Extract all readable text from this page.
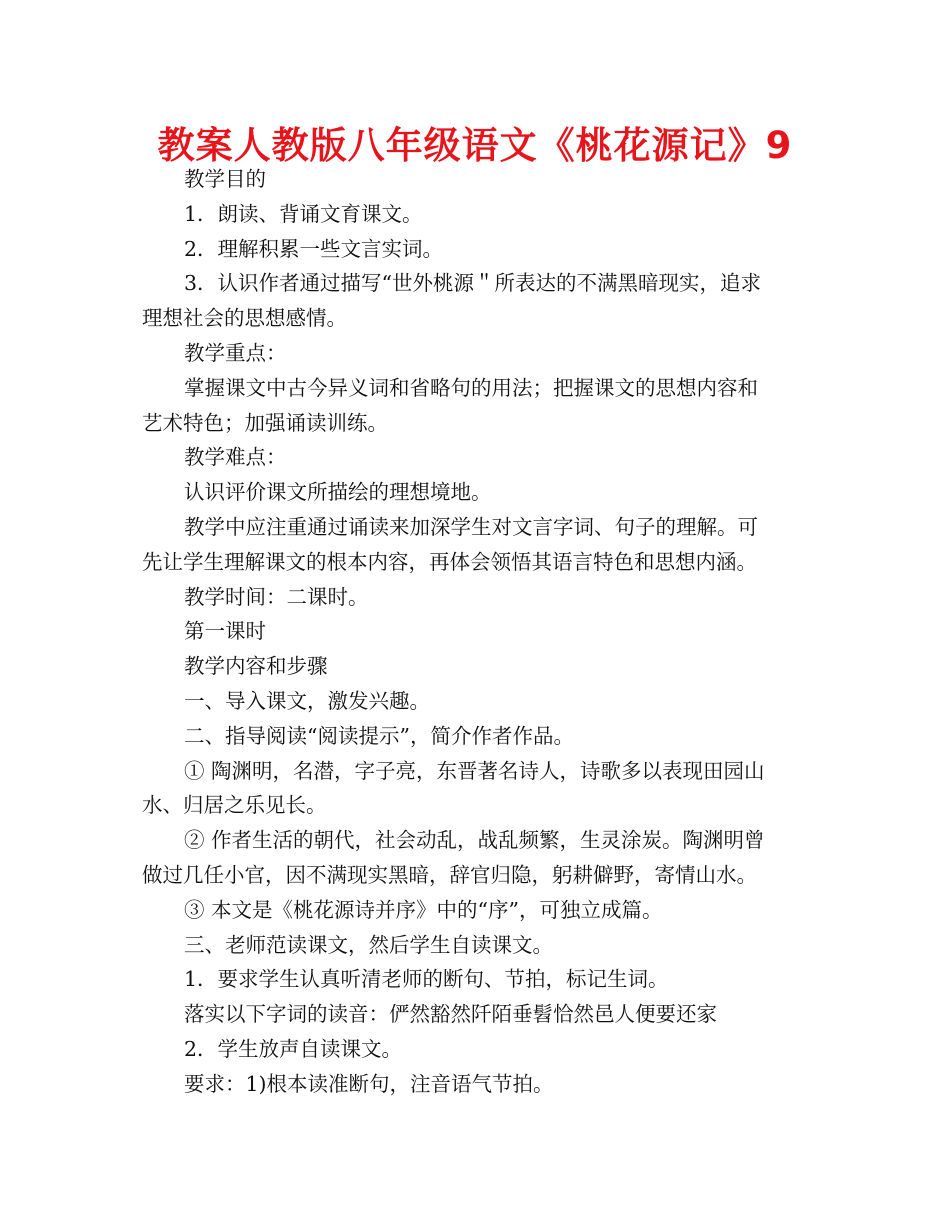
教案人教版八年级语文《桃花源记》9
教学目的
1．朗读、背诵文育课文。
2．理解积累一些文言实词。
3．认识作者通过描写“世外桃源＂所表达的不满黑暗现实，追求
理想社会的思想感情。
教学重点：
掌握课文中古今异义词和省略句的用法；把握课文的思想内容和
艺术特色；加强诵读训练。
教学难点：
认识评价课文所描绘的理想境地。
教学中应注重通过诵读来加深学生对文言字词、句子的理解。可
先让学生理解课文的根本内容，再体会领悟其语言特色和思想内涵。
教学时间：二课时。
第一课时
教学内容和步骤
一、导入课文，激发兴趣。
二、指导阅读“阅读提示”，简介作者作品。
① 陶渊明，名潜，字子亮，东晋著名诗人，诗歌多以表现田园山
水、归居之乐见长。
② 作者生活的朝代，社会动乱，战乱频繁，生灵涂炭。陶渊明曾
做过几任小官，因不满现实黑暗，辞官归隐，躬耕僻野，寄情山水。
③ 本文是《桃花源诗并序》中的“序”，可独立成篇。
三、老师范读课文，然后学生自读课文。
1．要求学生认真听清老师的断句、节拍，标记生词。
落实以下字词的读音：俨然豁然阡陌垂髫恰然邑人便要还家
2．学生放声自读课文。
要求：1)根本读准断句，注音语气节拍。
